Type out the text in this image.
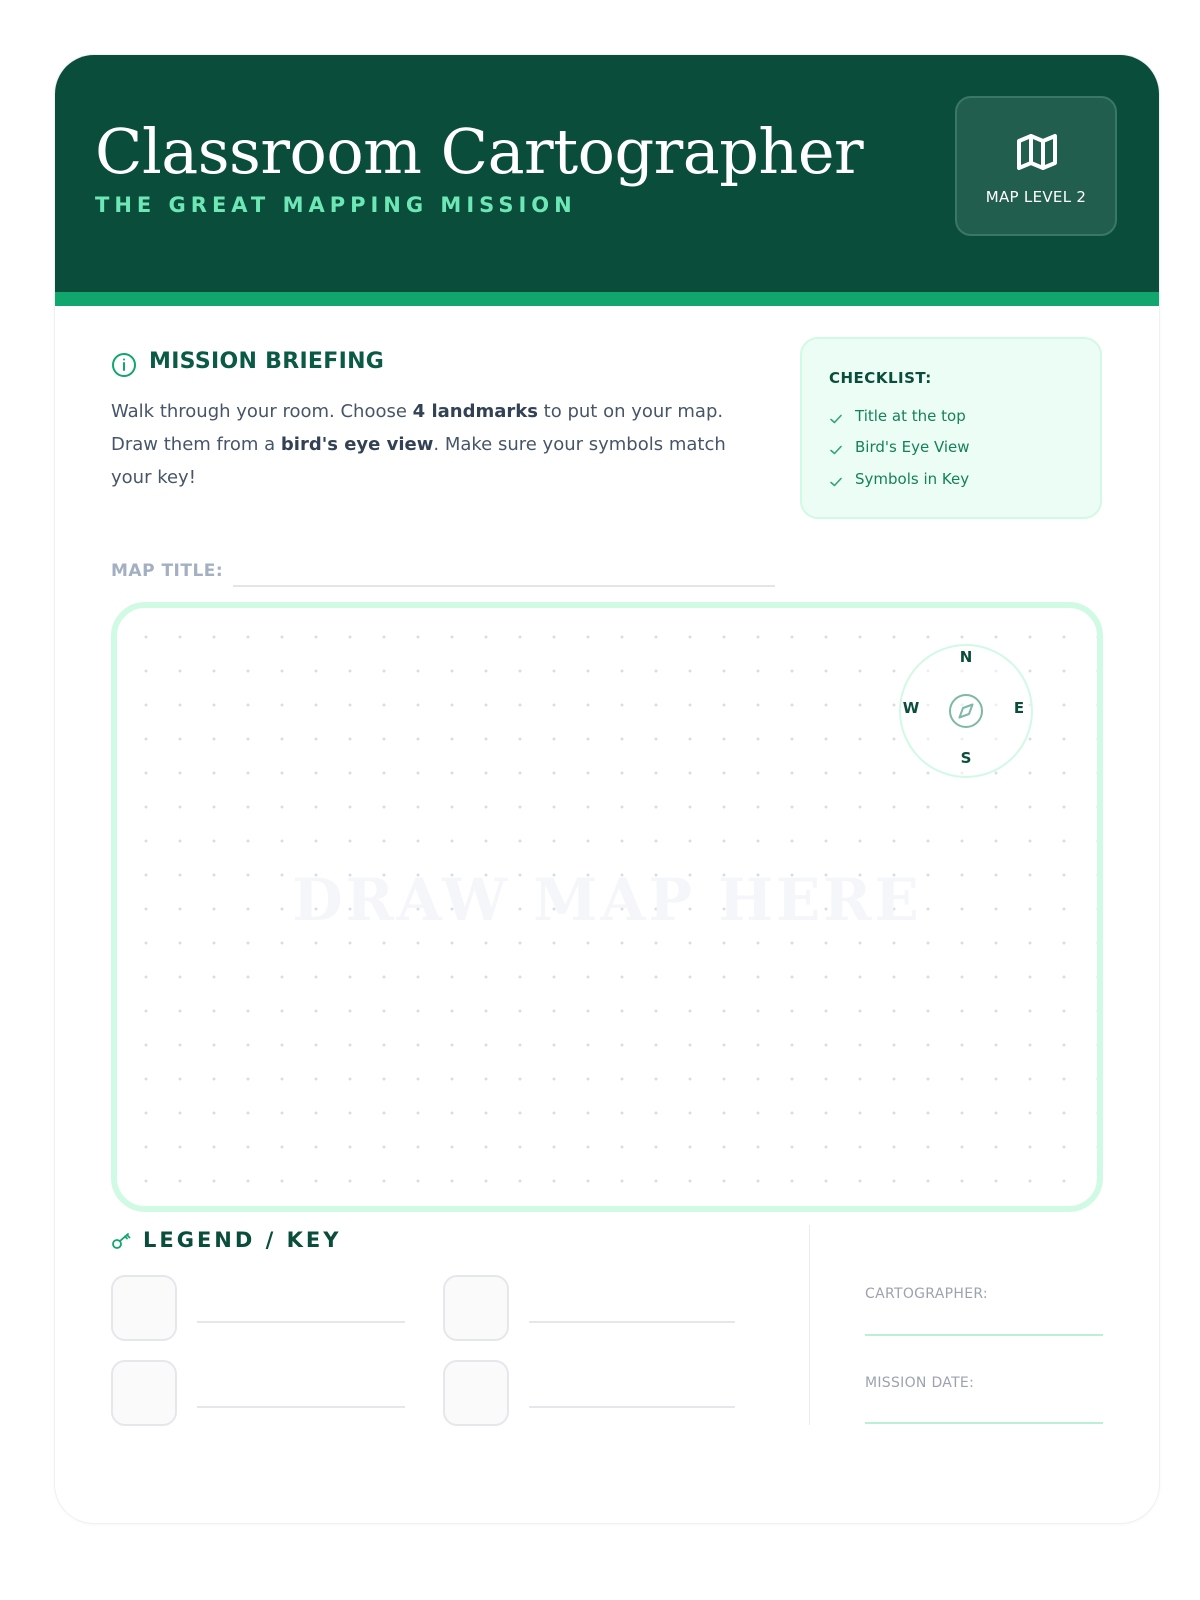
Classroom Cartographer
THE GREAT MAPPING MISSION	MAP LEVEL 2
MISSION BRIEFING
Walk through your room. Choose 4 landmarks to put on your map. Draw them from a bird's eye view. Make sure your symbols match your key!
CHECKLIST:
Title at the top
Bird's Eye View
Symbols in Key
MAP TITLE:
DRAW MAP HERE
N
S
E
W
LEGEND / KEY
CARTOGRAPHER:
MISSION DATE:
